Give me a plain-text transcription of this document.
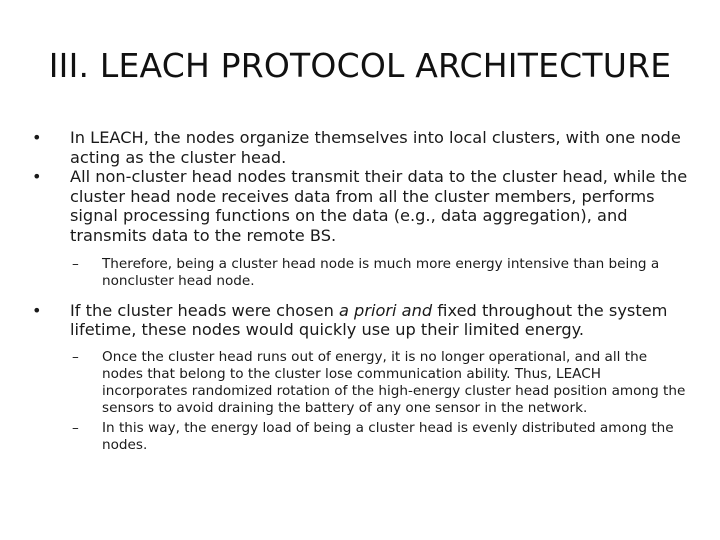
III. LEACH PROTOCOL ARCHITECTURE

• In LEACH, the nodes organize themselves into local clusters, with one node acting as the cluster head.

• All non-cluster head nodes transmit their data to the cluster head, while the cluster head node receives data from all the cluster members, performs signal processing functions on the data (e.g., data aggregation), and transmits data to the remote BS.

– Therefore, being a cluster head node is much more energy intensive than being a noncluster head node.

• If the cluster heads were chosen a priori and fixed throughout the system lifetime, these nodes would quickly use up their limited energy.

– Once the cluster head runs out of energy, it is no longer operational, and all the nodes that belong to the cluster lose communication ability. Thus, LEACH incorporates randomized rotation of the high-energy cluster head position among the sensors to avoid draining the battery of any one sensor in the network.

– In this way, the energy load of being a cluster head is evenly distributed among the nodes.
